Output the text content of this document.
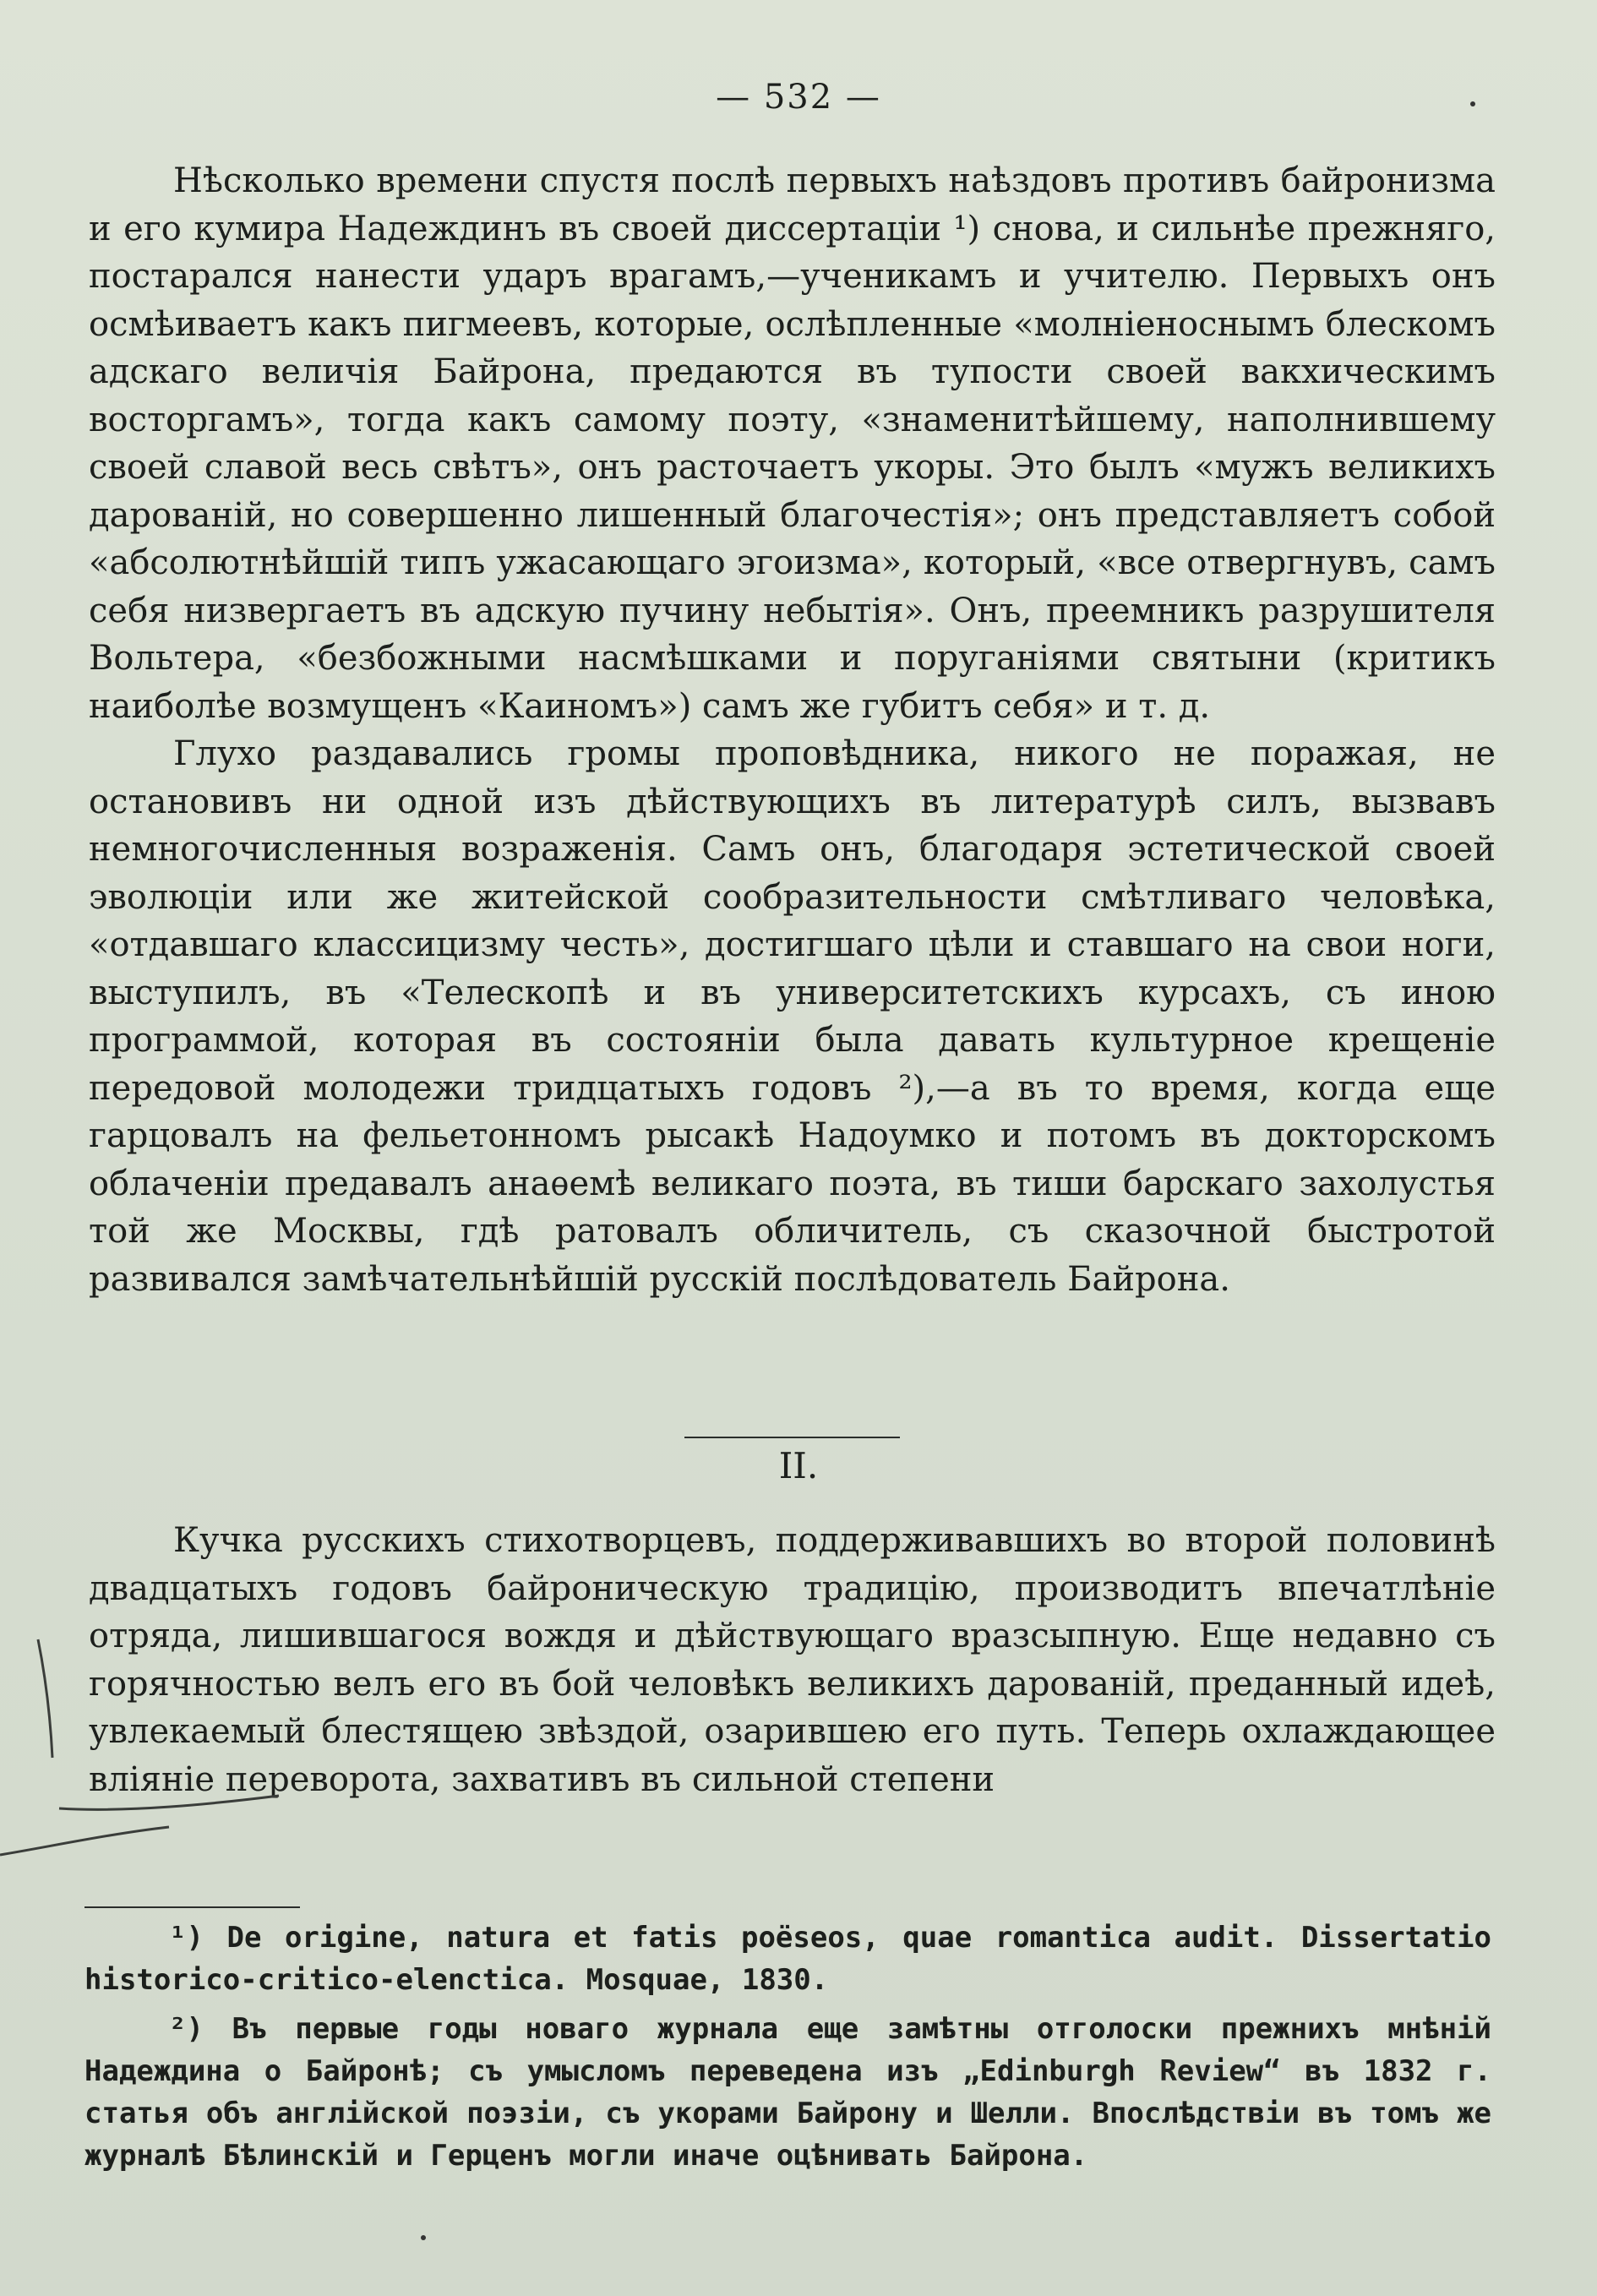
— 532 —

Нѣсколько времени спустя послѣ первыхъ наѣздовъ противъ байронизма и его кумира Надеждинъ въ своей диссертацiи ¹) снова, и сильнѣе прежняго, постарался нанести ударъ врагамъ,—ученикамъ и учителю. Первыхъ онъ осмѣиваетъ какъ пигмеевъ, которые, ослѣпленные «молнiеноснымъ блескомъ адскаго величiя Байрона, предаются въ тупости своей вакхическимъ восторгамъ», тогда какъ самому поэту, «знаменитѣйшему, наполнившему своей славой весь свѣтъ», онъ расточаетъ укоры. Это былъ «мужъ великихъ дарованiй, но совершенно лишенный благочестiя»; онъ представляетъ собой «абсолютнѣйшiй типъ ужасающаго эгоизма», который, «все отвергнувъ, самъ себя низвергаетъ въ адскую пучину небытiя». Онъ, преемникъ разрушителя Вольтера, «безбожными насмѣшками и поруганiями святыни (критикъ наиболѣе возмущенъ «Каиномъ») самъ же губитъ себя» и т. д.

Глухо раздавались громы проповѣдника, никого не поражая, не остановивъ ни одной изъ дѣйствующихъ въ литературѣ силъ, вызвавъ немногочисленныя возраженiя. Самъ онъ, благодаря эстетической своей эволюцiи или же житейской сообразительности смѣтливаго человѣка, «отдавшаго классицизму честь», достигшаго цѣли и ставшаго на свои ноги, выступилъ, въ «Телескопѣ и въ университетскихъ курсахъ, съ иною программой, которая въ состоянiи была давать культурное крещенiе передовой молодежи тридцатыхъ годовъ ²),—а въ то время, когда еще гарцовалъ на фельетонномъ рысакѣ Надоумко и потомъ въ докторскомъ облаченiи предавалъ анаѳемѣ великаго поэта, въ тиши барскаго захолустья той же Москвы, гдѣ ратовалъ обличитель, съ сказочной быстротой развивался замѣчательнѣйшiй русскiй послѣдователь Байрона.

II.

Кучка русскихъ стихотворцевъ, поддерживавшихъ во второй половинѣ двадцатыхъ годовъ байроническую традицiю, производитъ впечатлѣнiе отряда, лишившагося вождя и дѣйствующаго вразсыпную. Еще недавно съ горячностью велъ его въ бой человѣкъ великихъ дарованiй, преданный идеѣ, увлекаемый блестящею звѣздой, озарившею его путь. Теперь охлаждающее влiянiе переворота, захвативъ въ сильной степени

¹) De origine, natura et fatis poëseos, quae romantica audit. Dissertatio historico-critico-elenctica. Mosquae, 1830.

²) Въ первые годы новаго журнала еще замѣтны отголоски прежнихъ мнѣнiй Надеждина о Байронѣ; съ умысломъ переведена изъ „Edinburgh Review“ въ 1832 г. статья объ англiйской поэзiи, съ укорами Байрону и Шелли. Впослѣдствiи въ томъ же журналѣ Бѣлинскiй и Герценъ могли иначе оцѣнивать Байрона.
